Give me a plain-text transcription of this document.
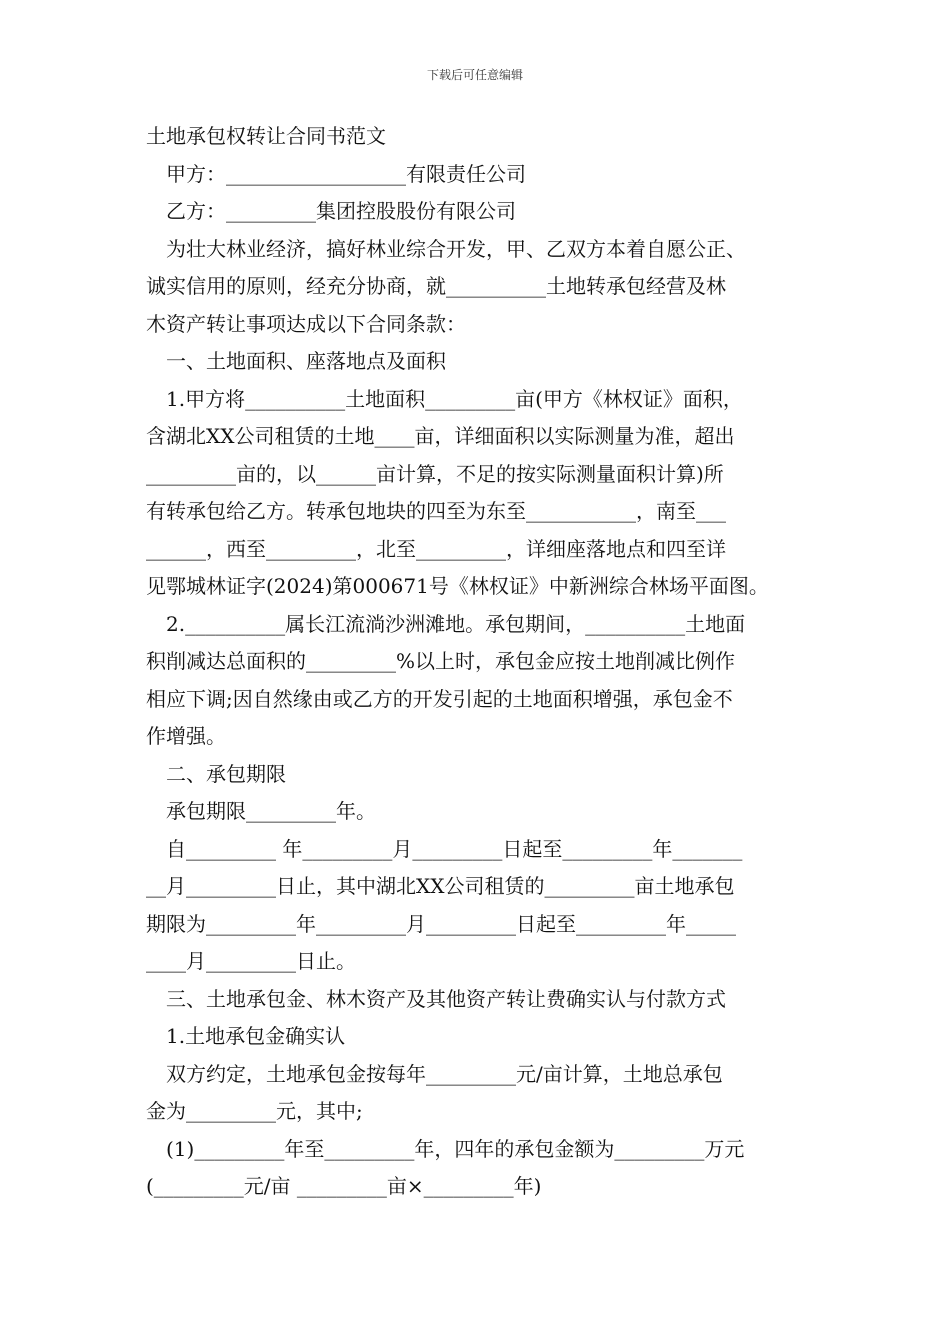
下载后可任意编辑
土地承包权转让合同书范文
甲方：__________________有限责任公司
乙方：_________集团控股股份有限公司
为壮大林业经济，搞好林业综合开发，甲、乙双方本着自愿公正、
诚实信用的原则，经充分协商，就__________土地转承包经营及林
木资产转让事项达成以下合同条款：
一、土地面积、座落地点及面积
1.甲方将__________土地面积_________亩(甲方《林权证》面积，
含湖北XX公司租赁的土地____亩，详细面积以实际测量为准，超出
_________亩的，以______亩计算，不足的按实际测量面积计算)所
有转承包给乙方。转承包地块的四至为东至___________，南至___
______，西至_________，北至_________，详细座落地点和四至详
见鄂城林证字(2024)第000671号《林权证》中新洲综合林场平面图。
2.__________属长江流淌沙洲滩地。承包期间，__________土地面
积削减达总面积的_________%以上时，承包金应按土地削减比例作
相应下调;因自然缘由或乙方的开发引起的土地面积增强，承包金不
作增强。
二、承包期限
承包期限_________年。
自_________ 年_________月_________日起至_________年_______
__月_________日止，其中湖北XX公司租赁的_________亩土地承包
期限为_________年_________月_________日起至_________年_____
____月_________日止。
三、土地承包金、林木资产及其他资产转让费确实认与付款方式
1.土地承包金确实认
双方约定，土地承包金按每年_________元/亩计算，土地总承包
金为_________元，其中;
(1)_________年至_________年，四年的承包金额为_________万元
(_________元/亩 _________亩×_________年)
